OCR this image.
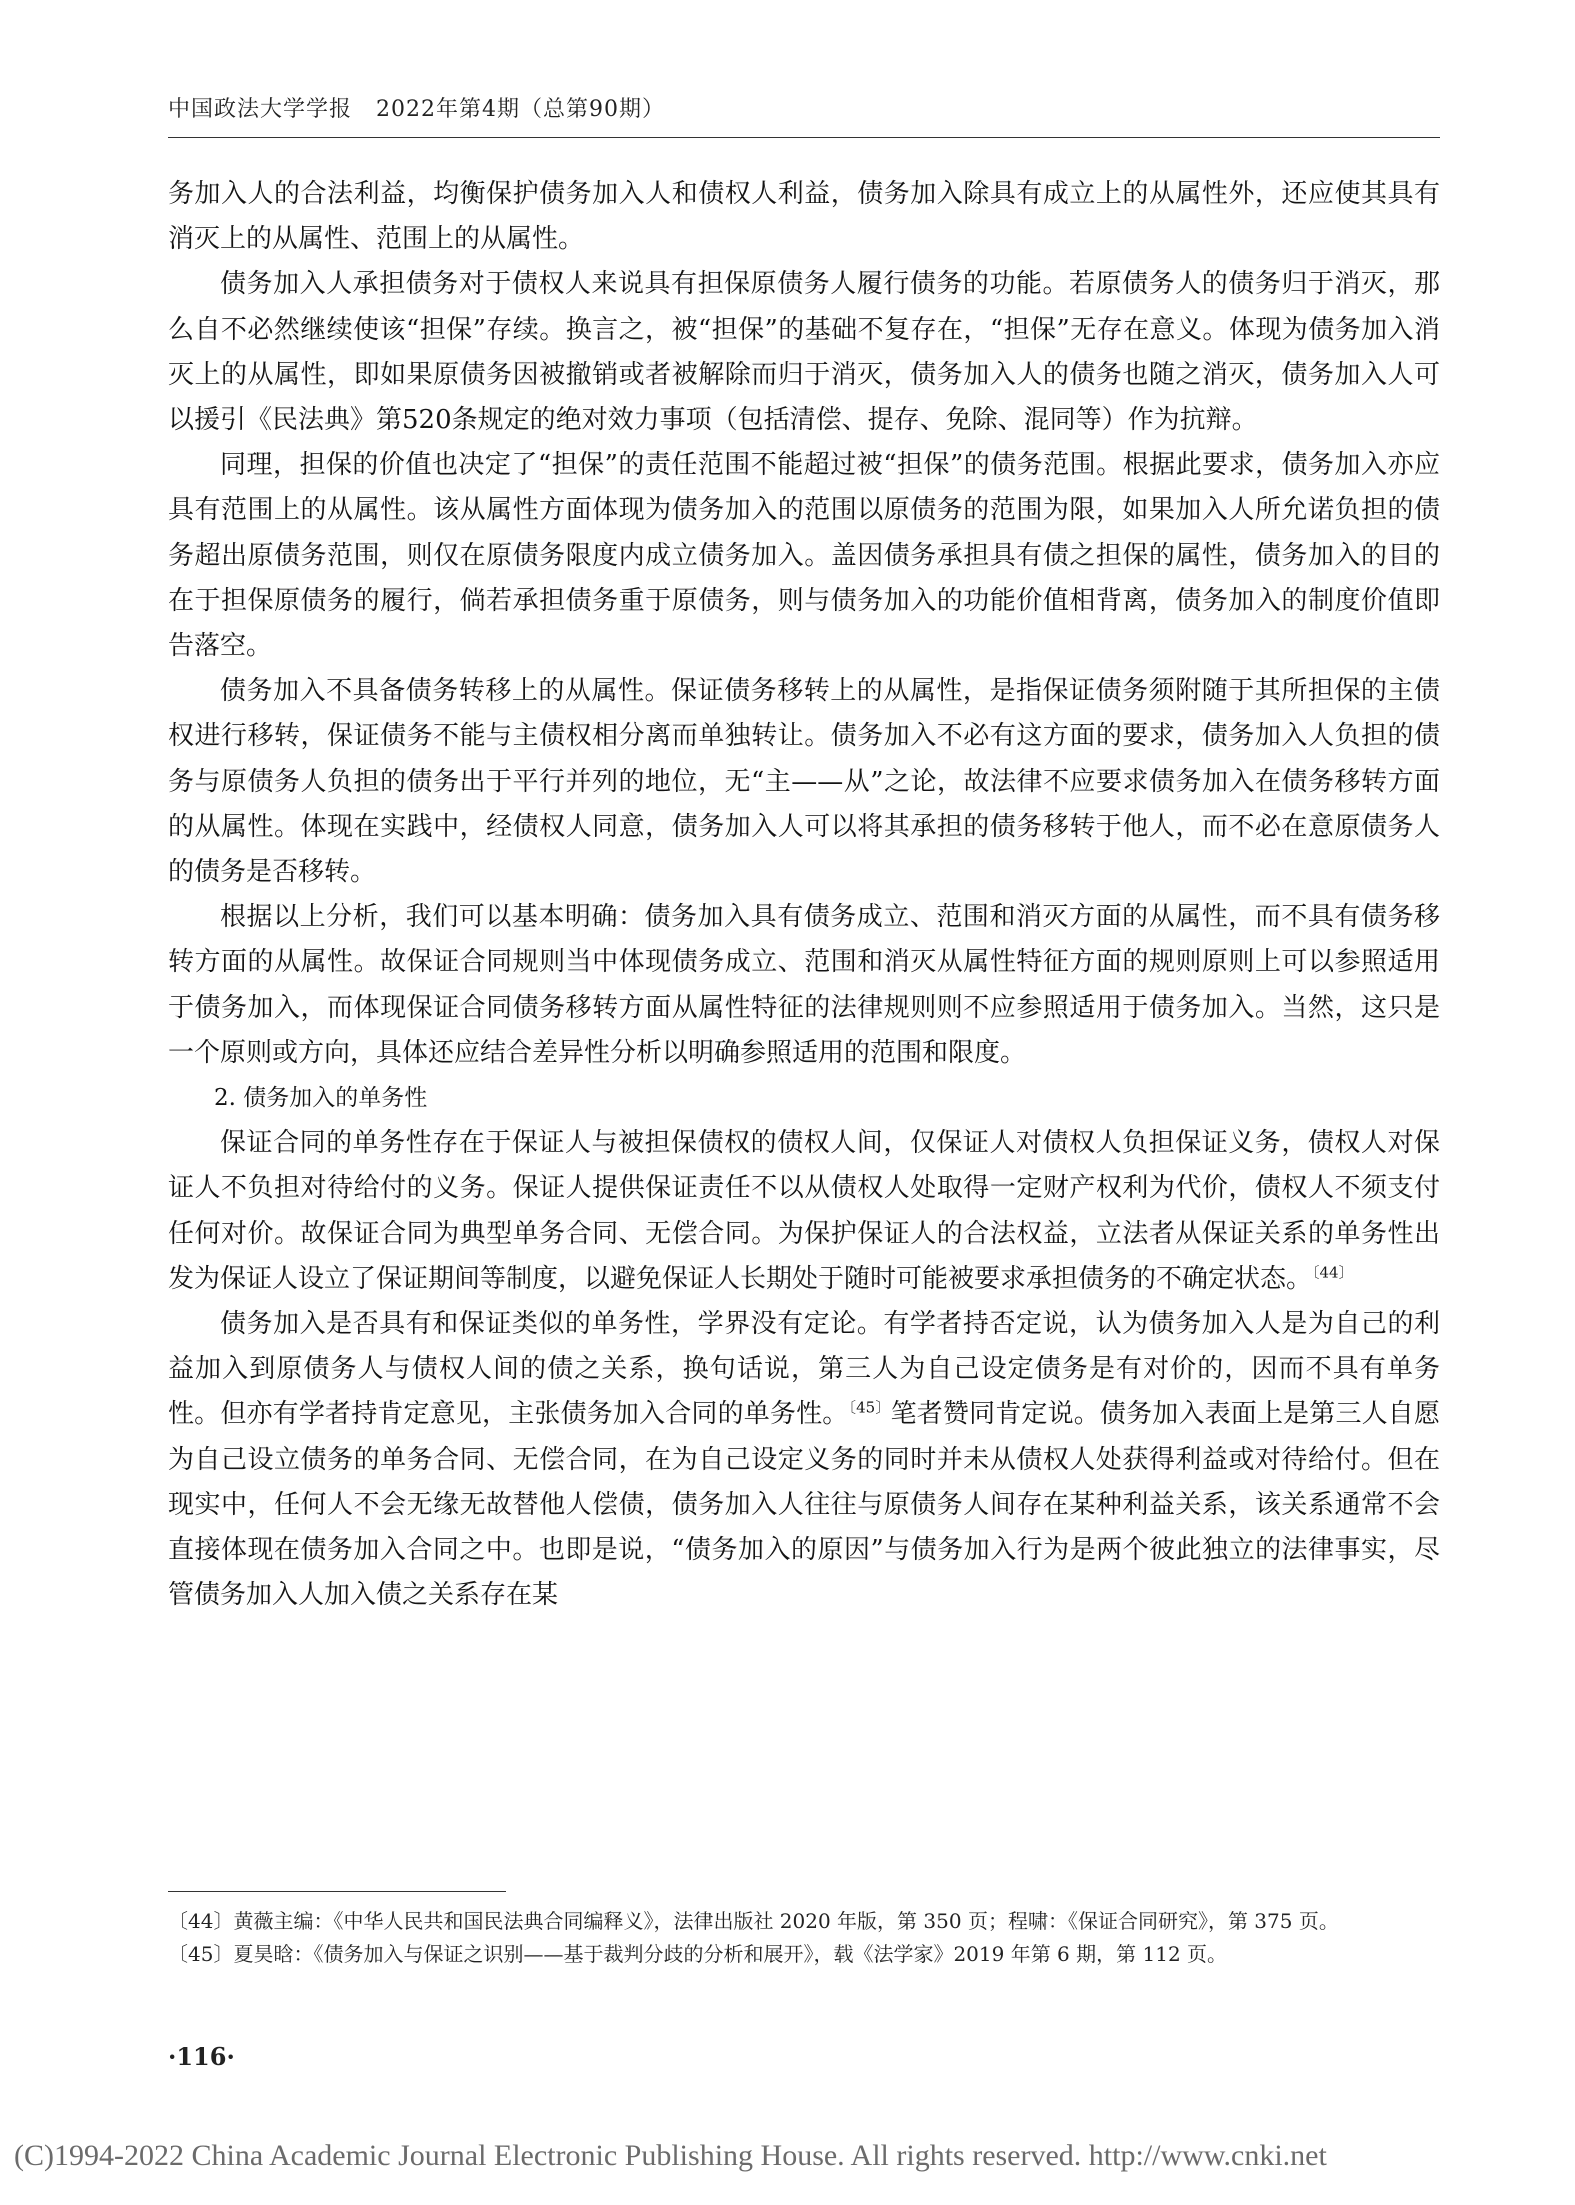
中国政法大学学报 2022年第4期（总第90期）

务加入人的合法利益，均衡保护债务加入人和债权人利益，债务加入除具有成立上的从属性外，还应使其具有消灭上的从属性、范围上的从属性。

债务加入人承担债务对于债权人来说具有担保原债务人履行债务的功能。若原债务人的债务归于消灭，那么自不必然继续使该“担保”存续。换言之，被“担保”的基础不复存在，“担保”无存在意义。体现为债务加入消灭上的从属性，即如果原债务因被撤销或者被解除而归于消灭，债务加入人的债务也随之消灭，债务加入人可以援引《民法典》第520条规定的绝对效力事项（包括清偿、提存、免除、混同等）作为抗辩。

同理，担保的价值也决定了“担保”的责任范围不能超过被“担保”的债务范围。根据此要求，债务加入亦应具有范围上的从属性。该从属性方面体现为债务加入的范围以原债务的范围为限，如果加入人所允诺负担的债务超出原债务范围，则仅在原债务限度内成立债务加入。盖因债务承担具有债之担保的属性，债务加入的目的在于担保原债务的履行，倘若承担债务重于原债务，则与债务加入的功能价值相背离，债务加入的制度价值即告落空。

债务加入不具备债务转移上的从属性。保证债务移转上的从属性，是指保证债务须附随于其所担保的主债权进行移转，保证债务不能与主债权相分离而单独转让。债务加入不必有这方面的要求，债务加入人负担的债务与原债务人负担的债务出于平行并列的地位，无“主——从”之论，故法律不应要求债务加入在债务移转方面的从属性。体现在实践中，经债权人同意，债务加入人可以将其承担的债务移转于他人，而不必在意原债务人的债务是否移转。

根据以上分析，我们可以基本明确：债务加入具有债务成立、范围和消灭方面的从属性，而不具有债务移转方面的从属性。故保证合同规则当中体现债务成立、范围和消灭从属性特征方面的规则原则上可以参照适用于债务加入，而体现保证合同债务移转方面从属性特征的法律规则则不应参照适用于债务加入。当然，这只是一个原则或方向，具体还应结合差异性分析以明确参照适用的范围和限度。

2. 债务加入的单务性

保证合同的单务性存在于保证人与被担保债权的债权人间，仅保证人对债权人负担保证义务，债权人对保证人不负担对待给付的义务。保证人提供保证责任不以从债权人处取得一定财产权利为代价，债权人不须支付任何对价。故保证合同为典型单务合同、无偿合同。为保护保证人的合法权益，立法者从保证关系的单务性出发为保证人设立了保证期间等制度，以避免保证人长期处于随时可能被要求承担债务的不确定状态。$^{〔44〕}$

债务加入是否具有和保证类似的单务性，学界没有定论。有学者持否定说，认为债务加入人是为自己的利益加入到原债务人与债权人间的债之关系，换句话说，第三人为自己设定债务是有对价的，因而不具有单务性。但亦有学者持肯定意见，主张债务加入合同的单务性。$^{〔45〕}$笔者赞同肯定说。债务加入表面上是第三人自愿为自己设立债务的单务合同、无偿合同，在为自己设定义务的同时并未从债权人处获得利益或对待给付。但在现实中，任何人不会无缘无故替他人偿债，债务加入人往往与原债务人间存在某种利益关系，该关系通常不会直接体现在债务加入合同之中。也即是说，“债务加入的原因”与债务加入行为是两个彼此独立的法律事实，尽管债务加入人加入债之关系存在某

〔44〕黄薇主编：《中华人民共和国民法典合同编释义》，法律出版社 2020 年版，第 350 页；程啸：《保证合同研究》，第 375 页。
〔45〕夏昊晗：《债务加入与保证之识别——基于裁判分歧的分析和展开》，载《法学家》2019 年第 6 期，第 112 页。
·116·
(C)1994-2022 China Academic Journal Electronic Publishing House. All rights reserved. http://www.cnki.net
